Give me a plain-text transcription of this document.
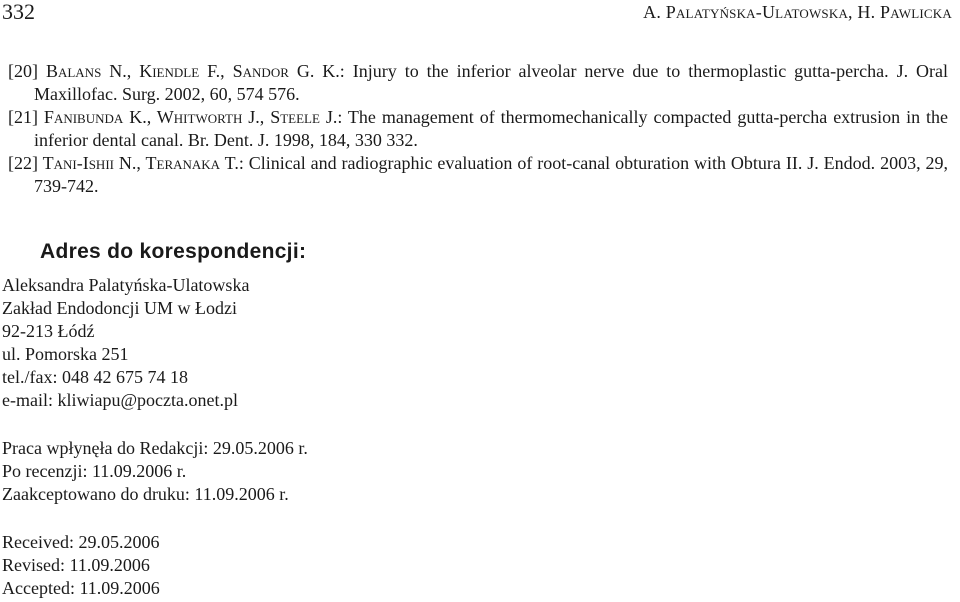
332	A. Palatyńska-Ulatowska, H. Pawlicka

[20] Balans N., Kiendle F., Sandor G. K.: Injury to the inferior alveolar nerve due to thermoplastic gutta-percha. J. Oral Maxillofac. Surg. 2002, 60, 574 576.

[21] Fanibunda K., Whitworth J., Steele J.: The management of thermomechanically compacted gutta-percha extrusion in the inferior dental canal. Br. Dent. J. 1998, 184, 330 332.

[22] Tani-Ishii N., Teranaka T.: Clinical and radiographic evaluation of root-canal obturation with Obtura II. J. Endod. 2003, 29, 739-742.

Adres do korespondencji:
Aleksandra Palatyńska-Ulatowska
Zakład Endodoncji UM w Łodzi
92-213 Łódź
ul. Pomorska 251
tel./fax: 048 42 675 74 18
e-mail: kliwiapu@poczta.onet.pl
Praca wpłynęła do Redakcji: 29.05.2006 r.
Po recenzji: 11.09.2006 r.
Zaakceptowano do druku: 11.09.2006 r.
Received: 29.05.2006
Revised: 11.09.2006
Accepted: 11.09.2006
